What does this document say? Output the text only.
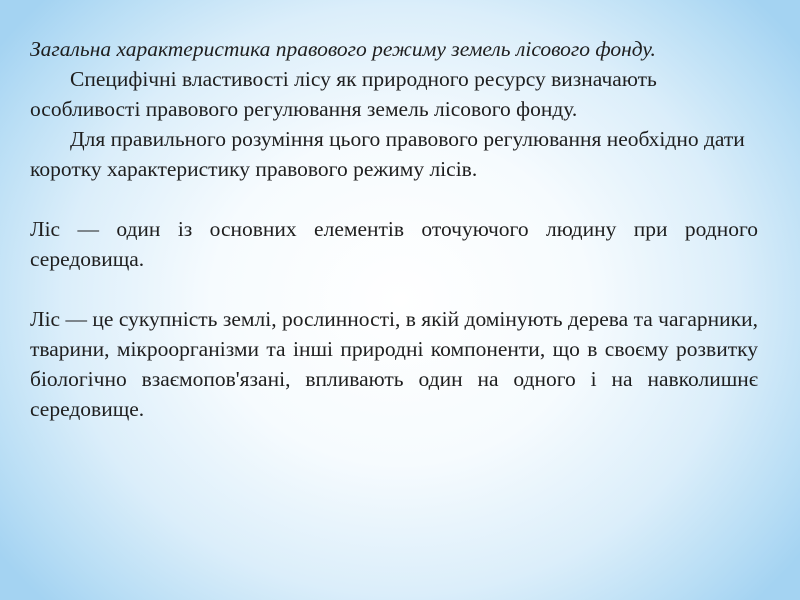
Загальна характеристика правового режиму земель лісового фонду.

Специфічні властивості лісу як природного ресурсу визначають особливості правового регулювання земель лісового фонду.

Для правильного розуміння цього правового регулювання необхідно дати коротку характеристику правового режиму лісів.

Ліс — один із основних елементів оточуючого людину при родного середовища.

Ліс — це сукупність землі, рослинності, в якій домінують дерева та чагарники, тварини, мікроорганізми та інші природні компоненти, що в своєму розвитку біологічно взаємопов'язані, впливають один на одного і на навколишнє середовище.
